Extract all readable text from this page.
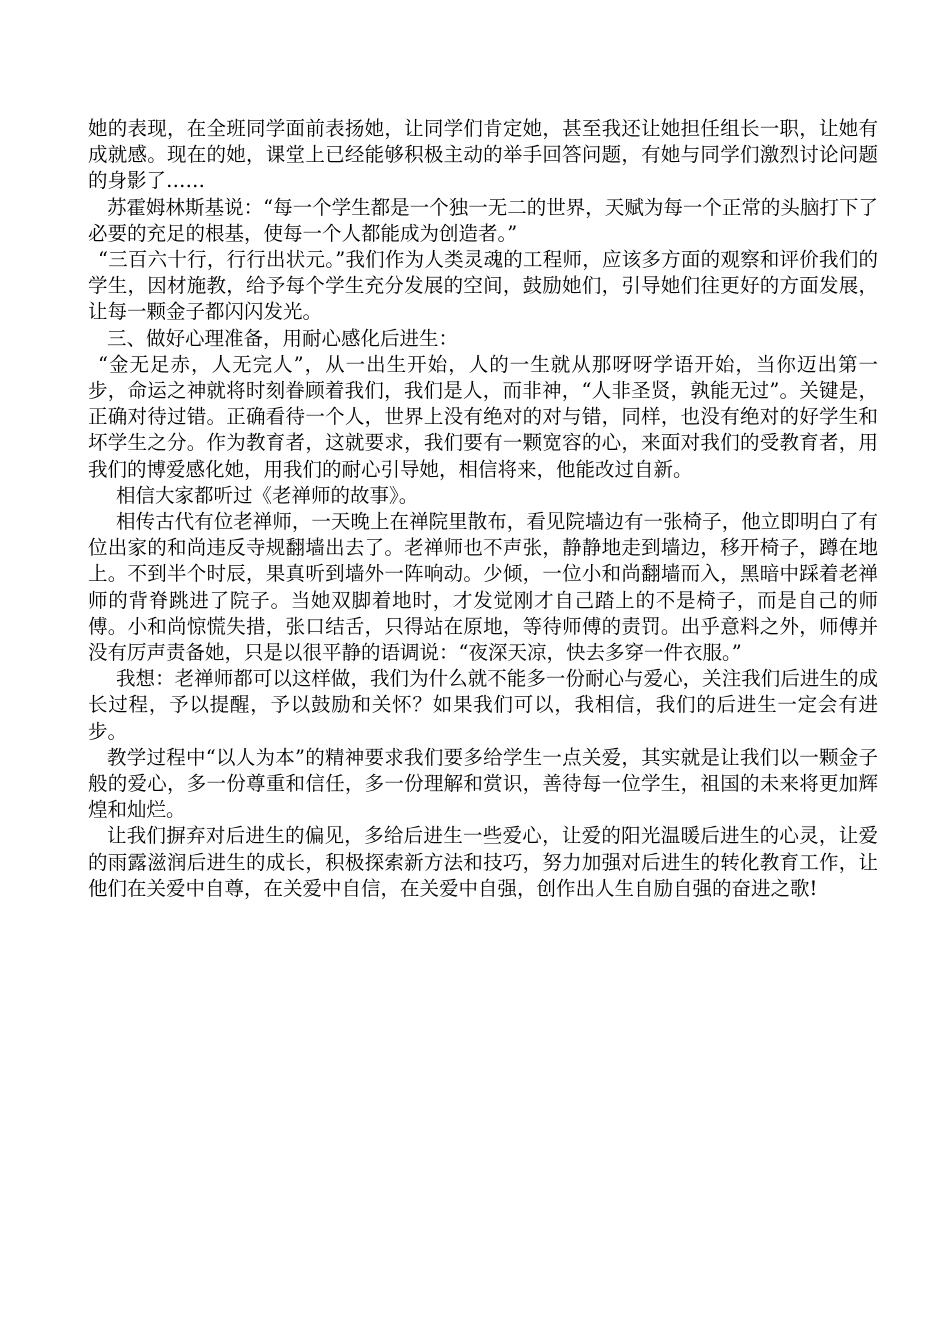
她的表现，在全班同学面前表扬她，让同学们肯定她，甚至我还让她担任组长一职，让她有成就感。现在的她，课堂上已经能够积极主动的举手回答问题，有她与同学们激烈讨论问题的身影了……

苏霍姆林斯基说：“每一个学生都是一个独一无二的世界，天赋为每一个正常的头脑打下了必要的充足的根基，使每一个人都能成为创造者。”

“三百六十行，行行出状元。”我们作为人类灵魂的工程师，应该多方面的观察和评价我们的学生，因材施教，给予每个学生充分发展的空间，鼓励她们，引导她们往更好的方面发展，让每一颗金子都闪闪发光。

三、做好心理准备，用耐心感化后进生：

“金无足赤，人无完人”，从一出生开始，人的一生就从那呀呀学语开始，当你迈出第一步，命运之神就将时刻眷顾着我们，我们是人，而非神，“人非圣贤，孰能无过”。关键是，正确对待过错。正确看待一个人，世界上没有绝对的对与错，同样，也没有绝对的好学生和坏学生之分。作为教育者，这就要求，我们要有一颗宽容的心，来面对我们的受教育者，用我们的博爱感化她，用我们的耐心引导她，相信将来，他能改过自新。

相信大家都听过《老禅师的故事》。

相传古代有位老禅师，一天晚上在禅院里散布，看见院墙边有一张椅子，他立即明白了有位出家的和尚违反寺规翻墙出去了。老禅师也不声张，静静地走到墙边，移开椅子，蹲在地上。不到半个时辰，果真听到墙外一阵响动。少倾，一位小和尚翻墙而入，黑暗中踩着老禅师的背脊跳进了院子。当她双脚着地时，才发觉刚才自己踏上的不是椅子，而是自己的师傅。小和尚惊慌失措，张口结舌，只得站在原地，等待师傅的责罚。出乎意料之外，师傅并没有厉声责备她，只是以很平静的语调说：“夜深天凉，快去多穿一件衣服。”

我想：老禅师都可以这样做，我们为什么就不能多一份耐心与爱心，关注我们后进生的成长过程，予以提醒，予以鼓励和关怀？如果我们可以，我相信，我们的后进生一定会有进步。

教学过程中“以人为本”的精神要求我们要多给学生一点关爱，其实就是让我们以一颗金子般的爱心，多一份尊重和信任，多一份理解和赏识，善待每一位学生，祖国的未来将更加辉煌和灿烂。

让我们摒弃对后进生的偏见，多给后进生一些爱心，让爱的阳光温暖后进生的心灵，让爱的雨露滋润后进生的成长，积极探索新方法和技巧，努力加强对后进生的转化教育工作，让他们在关爱中自尊，在关爱中自信，在关爱中自强，创作出人生自励自强的奋进之歌!
